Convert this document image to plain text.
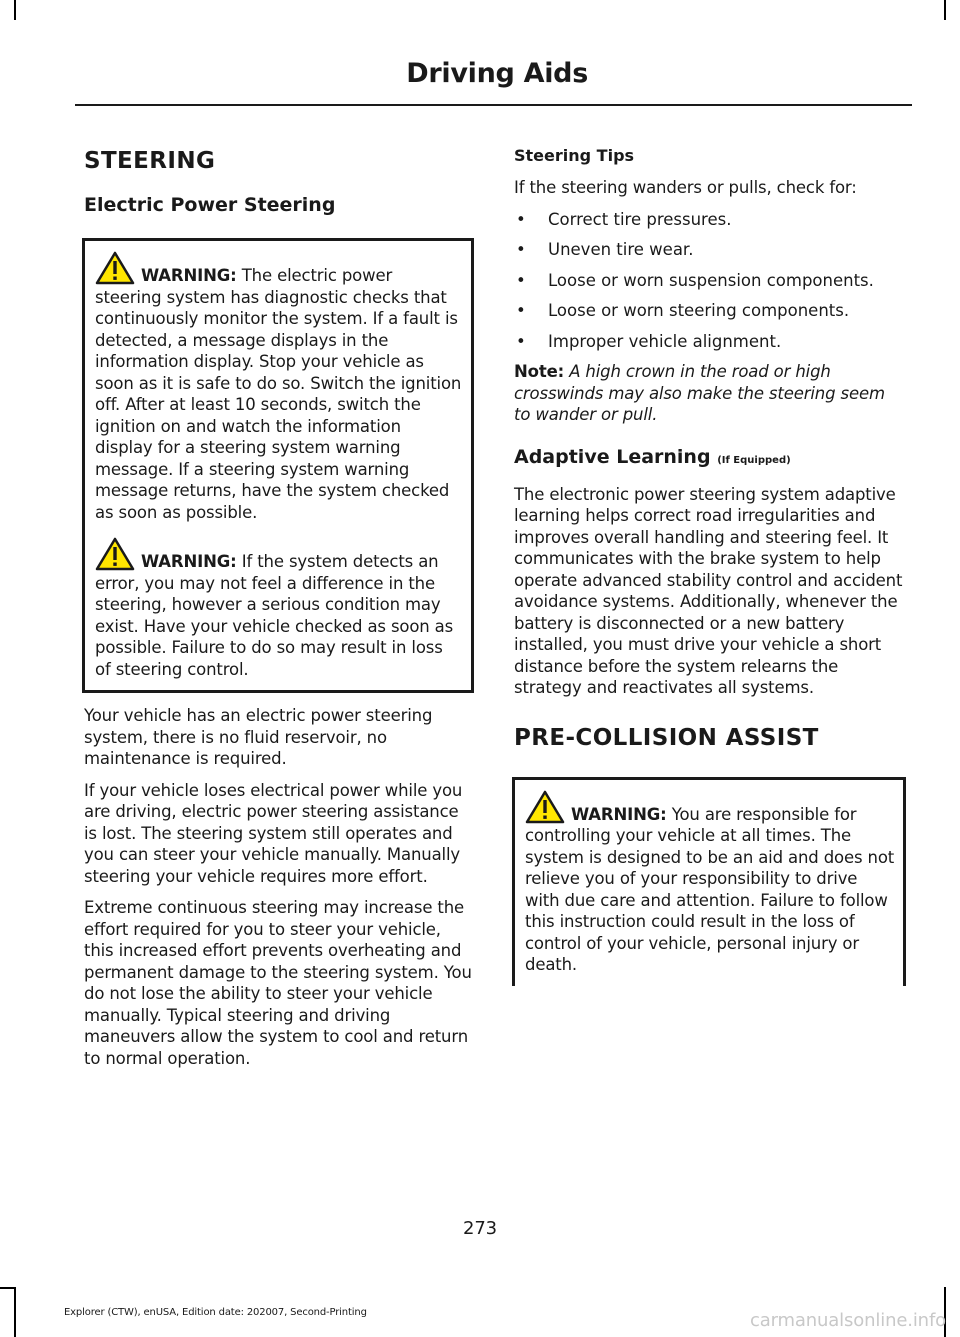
Driving Aids
STEERING
Electric Power Steering

WARNING: The electric power steering system has diagnostic checks that continuously monitor the system. If a fault is detected, a message displays in the information display. Stop your vehicle as soon as it is safe to do so. Switch the ignition off. After at least 10 seconds, switch the ignition on and watch the information display for a steering system warning message. If a steering system warning message returns, have the system checked as soon as possible.

WARNING: If the system detects an error, you may not feel a difference in the steering, however a serious condition may exist. Have your vehicle checked as soon as possible. Failure to do so may result in loss of steering control.

Your vehicle has an electric power steering system, there is no fluid reservoir, no maintenance is required.

If your vehicle loses electrical power while you are driving, electric power steering assistance is lost. The steering system still operates and you can steer your vehicle manually. Manually steering your vehicle requires more effort.

Extreme continuous steering may increase the effort required for you to steer your vehicle, this increased effort prevents overheating and permanent damage to the steering system. You do not lose the ability to steer your vehicle manually. Typical steering and driving maneuvers allow the system to cool and return to normal operation.

Steering Tips

If the steering wanders or pulls, check for:

• Correct tire pressures.
• Uneven tire wear.
• Loose or worn suspension components.
• Loose or worn steering components.
• Improper vehicle alignment.

Note: A high crown in the road or high crosswinds may also make the steering seem to wander or pull.

Adaptive Learning (If Equipped)

The electronic power steering system adaptive learning helps correct road irregularities and improves overall handling and steering feel. It communicates with the brake system to help operate advanced stability control and accident avoidance systems. Additionally, whenever the battery is disconnected or a new battery installed, you must drive your vehicle a short distance before the system relearns the strategy and reactivates all systems.

PRE-COLLISION ASSIST

WARNING: You are responsible for controlling your vehicle at all times. The system is designed to be an aid and does not relieve you of your responsibility to drive with due care and attention. Failure to follow this instruction could result in the loss of control of your vehicle, personal injury or death.

273

Explorer (CTW), enUSA, Edition date: 202007, Second-Printing	carmanualsonline.info
